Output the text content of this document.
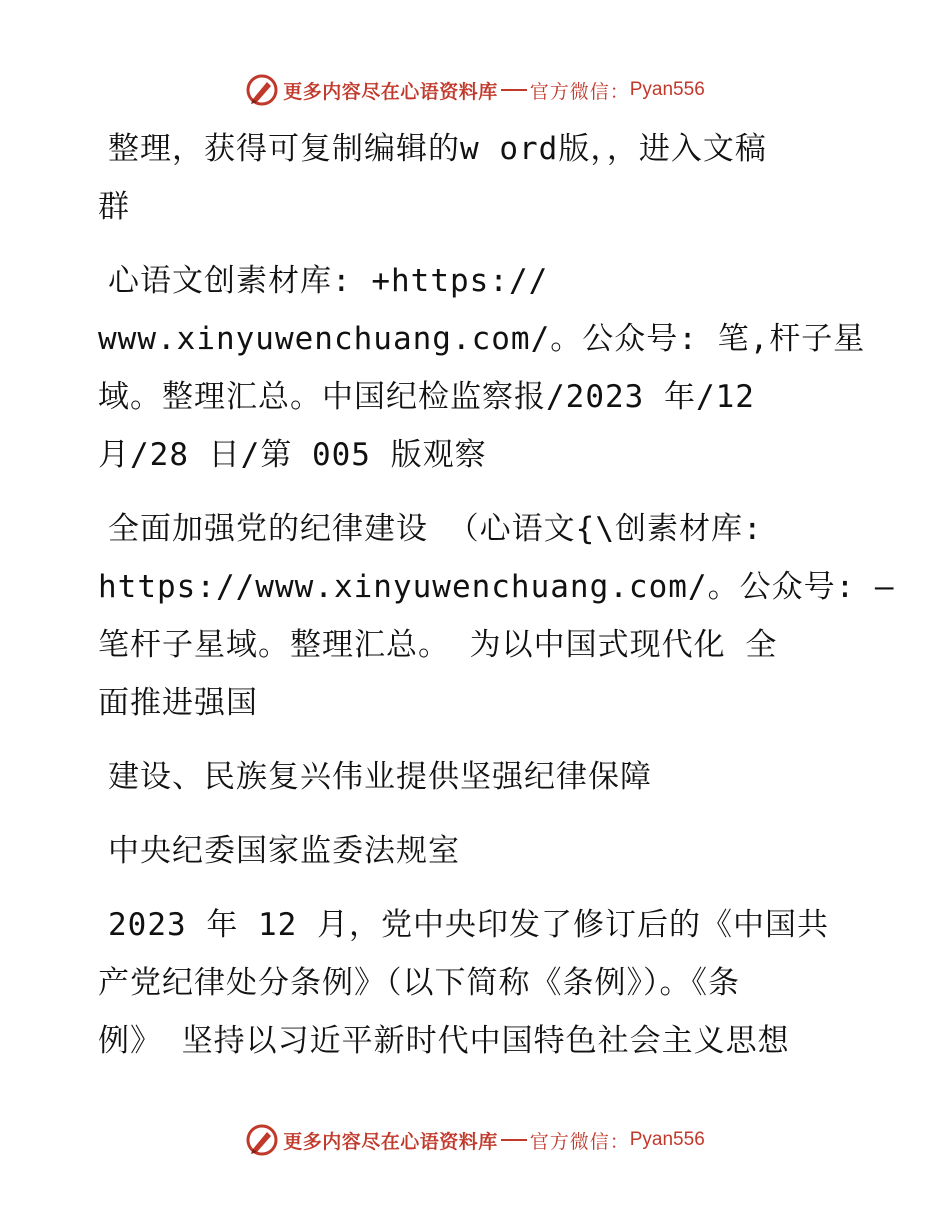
更多内容尽在心语资料库 官方微信： Pyan556
整理，获得可复制编辑的w ord版，，进入文稿
群
心语文创素材库: +https://
www.xinyuwenchuang.com/。公众号: 笔,杆子星
域。整理汇总。中国纪检监察报/2023 年/12
月/28 日/第 005 版观察
全面加强党的纪律建设 （心语文{\创素材库:
https://www.xinyuwenchuang.com/。公众号: —
笔杆子星域。整理汇总。 为以中国式现代化 全
面推进强国
建设、民族复兴伟业提供坚强纪律保障
中央纪委国家监委法规室
2023 年 12 月，党中央印发了修订后的《中国共
产党纪律处分条例》（以下简称《条例》）。《条
例》 坚持以习近平新时代中国特色社会主义思想
更多内容尽在心语资料库 官方微信： Pyan556
